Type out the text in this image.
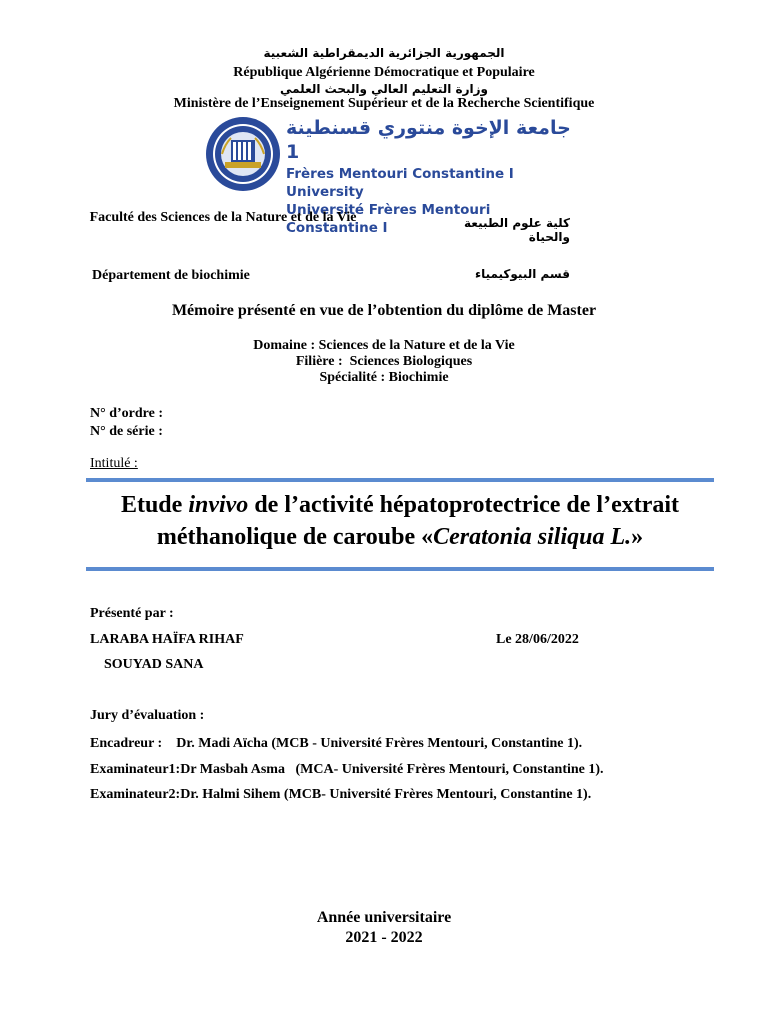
الجمهورية الجزائرية الديمقراطية الشعبية
République Algérienne Démocratique et Populaire
وزارة التعليم العالي والبحث العلمي
Ministère de l’Enseignement Supérieur et de la Recherche Scientifique
جامعة الإخوة منتوري قسنطينة 1
Frères Mentouri Constantine I University
Université Frères Mentouri Constantine I
Faculté des Sciences de la Nature et de la Vie	كلية علوم الطبيعة والحياة
Département de biochimie	قسم البيوكيمياء
Mémoire présenté en vue de l’obtention du diplôme de Master
Domaine : Sciences de la Nature et de la Vie
Filière :  Sciences Biologiques
Spécialité : Biochimie
N° d’ordre :
N° de série :
Intitulé :
Etude invivo de l’activité hépatoprotectrice de l’extrait méthanolique de caroube «Ceratonia siliqua L.»
Présenté par :
LARABA HAÏFA RIHAF	Le 28/06/2022
SOUYAD SANA
Jury d’évaluation :
Encadreur :    Dr. Madi Aïcha (MCB - Université Frères Mentouri, Constantine 1).
Examinateur1:Dr Masbah Asma   (MCA- Université Frères Mentouri, Constantine 1).
Examinateur2:Dr. Halmi Sihem (MCB- Université Frères Mentouri, Constantine 1).
Année universitaire
2021 - 2022
